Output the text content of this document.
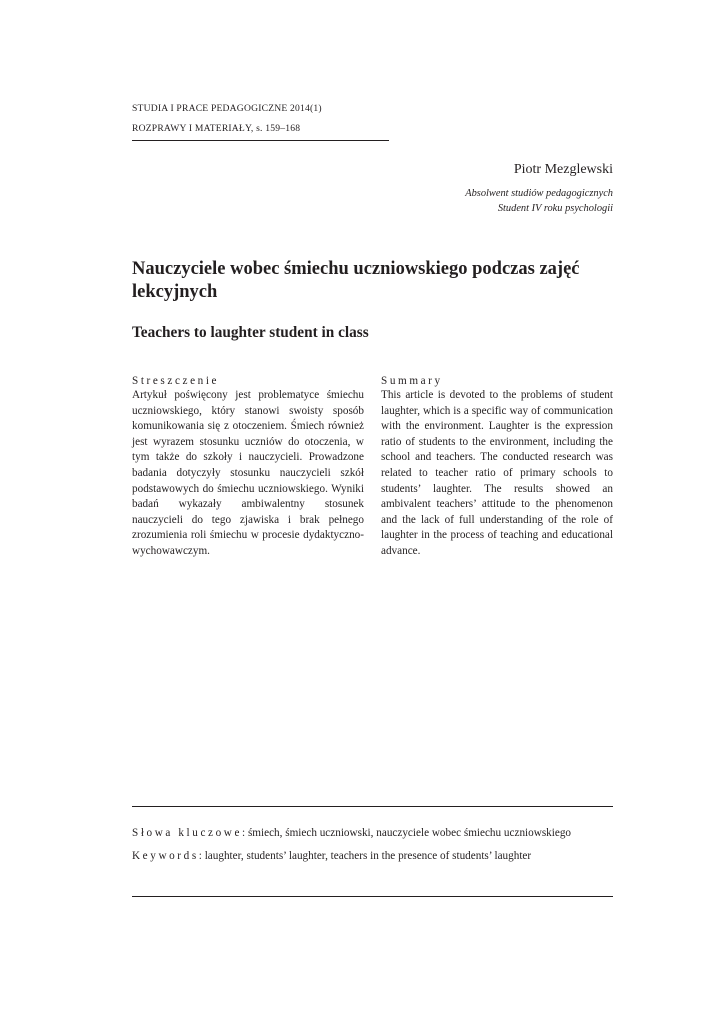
STUDIA I PRACE PEDAGOGICZNE 2014(1)
ROZPRAWY I MATERIAŁY, s. 159–168
Piotr Mezglewski
Absolwent studiów pedagogicznych
Student IV roku psychologii
Nauczyciele wobec śmiechu uczniowskiego podczas zajęć lekcyjnych
Teachers to laughter student in class
Streszczenie
Artykuł poświęcony jest problematyce śmiechu uczniowskiego, który stanowi swoisty sposób komunikowania się z otoczeniem. Śmiech również jest wyrazem stosunku uczniów do otoczenia, w tym także do szkoły i nauczycieli. Prowadzone badania dotyczyły stosunku nauczycieli szkół podstawowych do śmiechu uczniowskiego. Wyniki badań wykazały ambiwalentny stosunek nauczycieli do tego zjawiska i brak pełnego zrozumienia roli śmiechu w procesie dydaktyczno-wychowawczym.
Summary
This article is devoted to the problems of student laughter, which is a specific way of communication with the environment. Laughter is the expression ratio of students to the environment, including the school and teachers. The conducted research was related to teacher ratio of primary schools to students’ laughter. The results showed an ambivalent teachers’ attitude to the phenomenon and the lack of full understanding of the role of laughter in the process of teaching and educational advance.
Słowa kluczowe: śmiech, śmiech uczniowski, nauczyciele wobec śmiechu uczniowskiego
Keywords: laughter, students’ laughter, teachers in the presence of students’ laughter
